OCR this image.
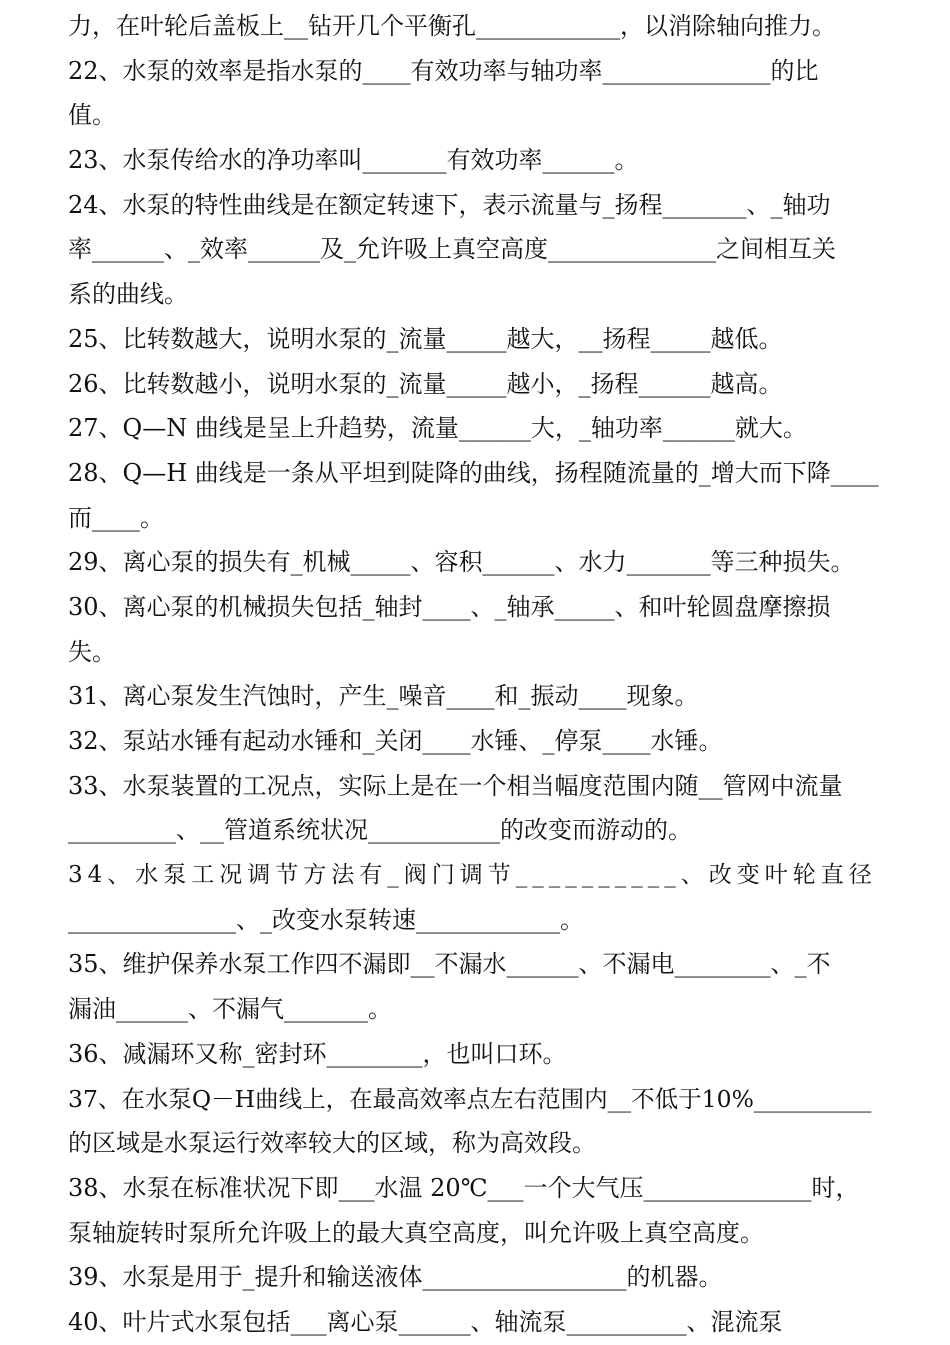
力，在叶轮后盖板上__钻开几个平衡孔____________，以消除轴向推力。
22、水泵的效率是指水泵的____有效功率与轴功率______________的比
值。
23、水泵传给水的净功率叫_______有效功率______。
24、水泵的特性曲线是在额定转速下，表示流量与_扬程_______、_轴功
率______、_效率______及_允许吸上真空高度______________之间相互关
系的曲线。
25、比转数越大，说明水泵的_流量_____越大，__扬程_____越低。
26、比转数越小，说明水泵的_流量_____越小，_扬程______越高。
27、Q—N 曲线是呈上升趋势，流量______大，_轴功率______就大。
28、Q—H 曲线是一条从平坦到陡降的曲线，扬程随流量的_增大而下降____
而____。
29、离心泵的损失有_机械_____、容积______、水力_______等三种损失。
30、离心泵的机械损失包括_轴封____、_轴承_____、和叶轮圆盘摩擦损
失。
31、离心泵发生汽蚀时，产生_噪音____和_振动____现象。
32、泵站水锤有起动水锤和_关闭____水锤、_停泵____水锤。
33、水泵装置的工况点，实际上是在一个相当幅度范围内随__管网中流量
_________、__管道系统状况___________的改变而游动的。
34、水泵工况调节方法有_阀门调节__________、改变叶轮直径
______________、_改变水泵转速____________。
35、维护保养水泵工作四不漏即__不漏水______、不漏电________、_不
漏油______、不漏气_______。
36、减漏环又称_密封环________，也叫口环。
37、在水泵Q－H曲线上，在最高效率点左右范围内__不低于10%__________
的区域是水泵运行效率较大的区域，称为高效段。
38、水泵在标准状况下即___水温 20℃___一个大气压______________时，
泵轴旋转时泵所允许吸上的最大真空高度，叫允许吸上真空高度。
39、水泵是用于_提升和输送液体_________________的机器。
40、叶片式水泵包括___离心泵______、轴流泵__________、混流泵
